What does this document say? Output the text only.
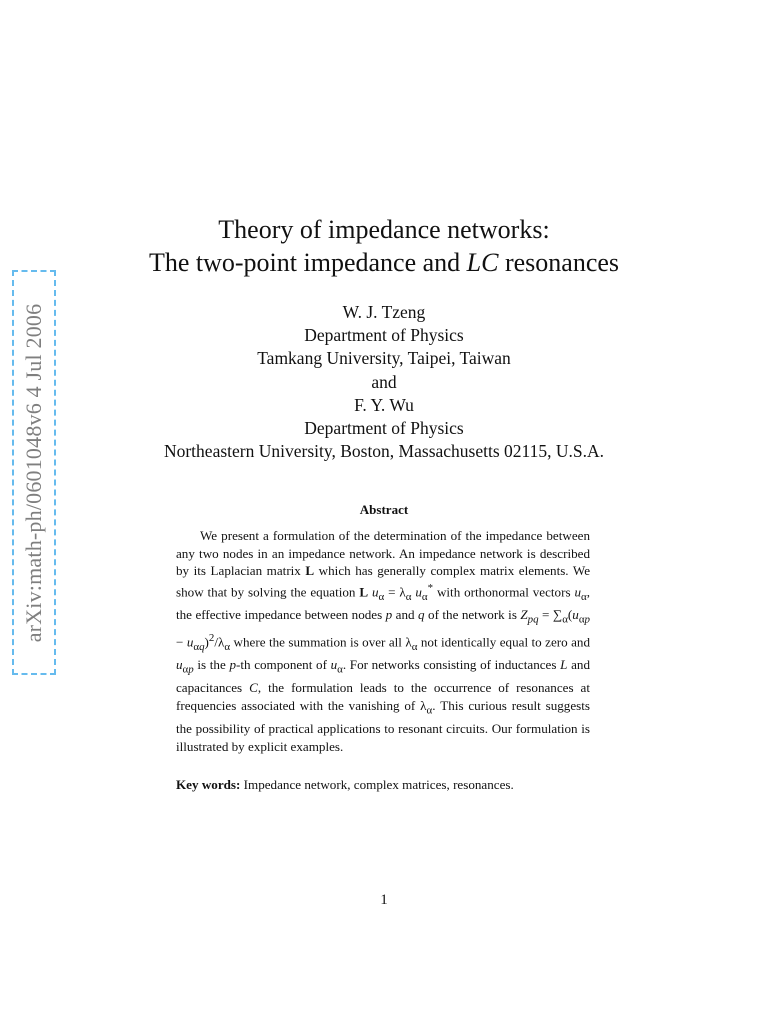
arXiv:math-ph/0601048v6 4 Jul 2006
Theory of impedance networks:
The two-point impedance and LC resonances
W. J. Tzeng
Department of Physics
Tamkang University, Taipei, Taiwan
and
F. Y. Wu
Department of Physics
Northeastern University, Boston, Massachusetts 02115, U.S.A.
Abstract
We present a formulation of the determination of the impedance between any two nodes in an impedance network. An impedance network is described by its Laplacian matrix L which has generally complex matrix elements. We show that by solving the equation L $u_\alpha = \lambda_\alpha$ $u_\alpha^*$ with orthonormal vectors $u_\alpha$, the effective impedance between nodes p and q of the network is $Z_{pq} = \sum_\alpha(u_{\alpha p} - u_{\alpha q})^2/\lambda_\alpha$ where the summation is over all $\lambda_\alpha$ not identically equal to zero and $u_{\alpha p}$ is the p-th component of $u_\alpha$. For networks consisting of inductances L and capacitances C, the formulation leads to the occurrence of resonances at frequencies associated with the vanishing of $\lambda_\alpha$. This curious result suggests the possibility of practical applications to resonant circuits. Our formulation is illustrated by explicit examples.
Key words: Impedance network, complex matrices, resonances.
1
